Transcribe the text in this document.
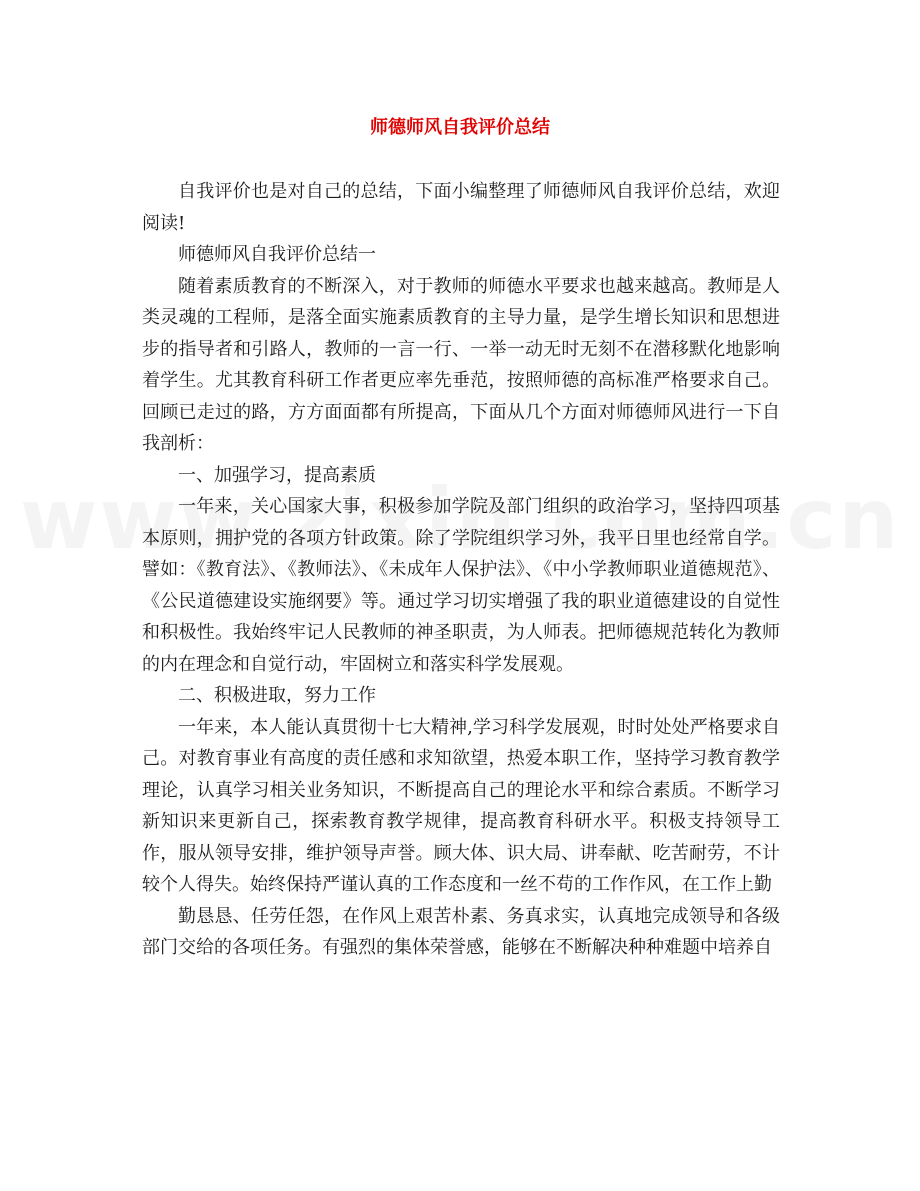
师德师风自我评价总结

自我评价也是对自己的总结，下面小编整理了师德师风自我评价总结，欢迎阅读!

师德师风自我评价总结一

随着素质教育的不断深入，对于教师的师德水平要求也越来越高。教师是人类灵魂的工程师，是落全面实施素质教育的主导力量，是学生增长知识和思想进步的指导者和引路人，教师的一言一行、一举一动无时无刻不在潜移默化地影响着学生。尤其教育科研工作者更应率先垂范，按照师德的高标准严格要求自己。回顾已走过的路，方方面面都有所提高，下面从几个方面对师德师风进行一下自我剖析：

一、加强学习，提高素质

一年来，关心国家大事，积极参加学院及部门组织的政治学习，坚持四项基本原则，拥护党的各项方针政策。除了学院组织学习外，我平日里也经常自学。譬如：《教育法》、《教师法》、《未成年人保护法》、《中小学教师职业道德规范》、《公民道德建设实施纲要》等。通过学习切实增强了我的职业道德建设的自觉性和积极性。我始终牢记人民教师的神圣职责，为人师表。把师德规范转化为教师的内在理念和自觉行动，牢固树立和落实科学发展观。

二、积极进取，努力工作

一年来，本人能认真贯彻十七大精神,学习科学发展观，时时处处严格要求自己。对教育事业有高度的责任感和求知欲望，热爱本职工作，坚持学习教育教学理论，认真学习相关业务知识，不断提高自己的理论水平和综合素质。不断学习新知识来更新自己，探索教育教学规律，提高教育科研水平。积极支持领导工作，服从领导安排，维护领导声誉。顾大体、识大局、讲奉献、吃苦耐劳，不计较个人得失。始终保持严谨认真的工作态度和一丝不苟的工作作风，在工作上勤

勤恳恳、任劳任怨，在作风上艰苦朴素、务真求实，认真地完成领导和各级部门交给的各项任务。有强烈的集体荣誉感，能够在不断解决种种难题中培养自
